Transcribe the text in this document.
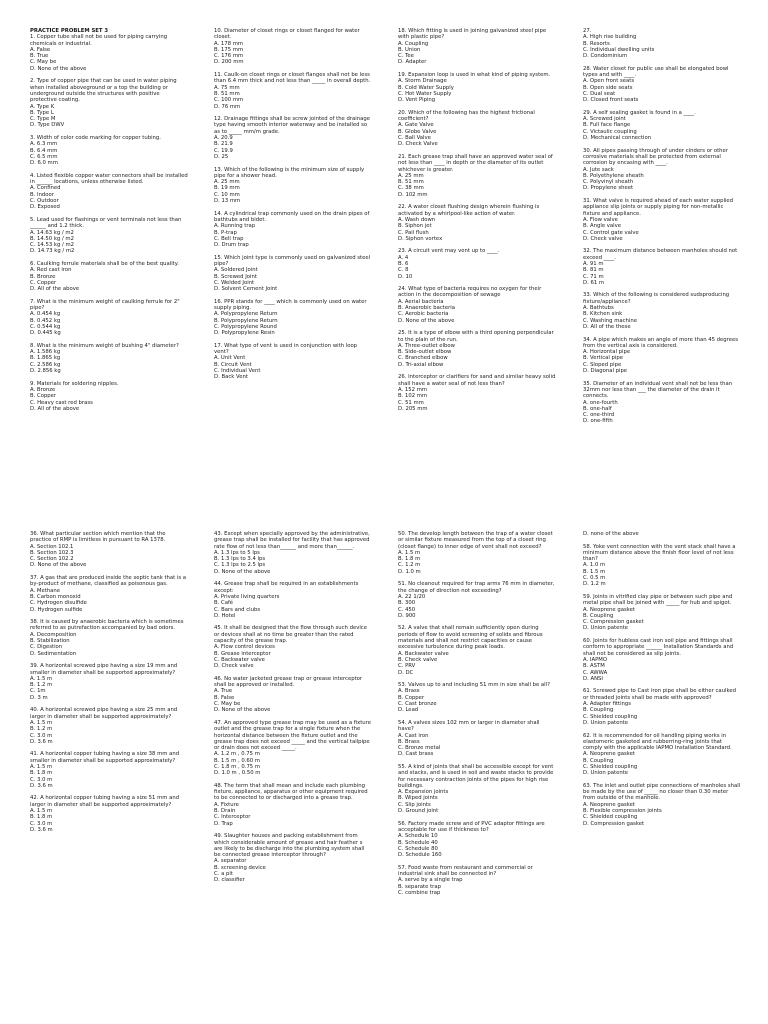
PRACTICE PROBLEM SET 3

1. Copper tube shall not be used for piping carrying chemicals or industrial.

A. False

B. True

C. May be

D. None of the above

2. Type of copper pipe that can be used in water piping when installed aboveground or a top the building or underground outside the structures with positive protective coating.

A. Type K

B. Type L

C. Type M

D. Type DWV

3. Width of color code marking for copper tubing.

A. 6.3 mm

B. 6.4 mm

C. 6.5 mm

D. 6.0 mm

4. Listed flexible copper water connectors shall be installed in ______ locations, unless otherwise listed.

A. Confined

B. Indoor

C. Outdoor

D. Exposed

5. Lead used for flashings or vent terminals not less than ______ and 1.2 thick.

A. 14.63 kg / m2

B. 14.50 kg / m2

C. 14.53 kg / m2

D. 14.73 kg / m2

6. Caulking ferrule materials shall be of the best quality.

A. Red cast iron

B. Bronze

C. Copper

D. All of the above

7. What is the minimum weight of caulking ferrule for 2" pipe?

A. 0.454 kg

B. 0.452 kg

C. 0.544 kg

D. 0.445 kg

8. What is the minimum weight of bushing 4" diameter?

A. 1.586 kg

B. 1.865 kg

C. 2.586 kg

D. 2.856 kg

9. Materials for soldering nipples.

A. Bronze

B. Copper

C. Heavy cast red brass

D. All of the above

10. Diameter of closet rings or closet flanged for water closet.

A. 178 mm

B. 175 mm

C. 176 mm

D. 200 mm

11. Caulk-on closet rings or closet flanges shall not be less than 6.4 mm thick and not less than _____ in overall depth.

A. 75 mm

B. 51 mm

C. 100 mm

D. 76 mm

12. Drainage fittings shall be screw jointed of the drainage type having smooth interior waterway and be installed so as to _____ mm/m grade.

A. 20.9

B. 21.9

C. 19.9

D. 25

13. Which of the following is the minimum size of supply pipe for a shower head.

A. 25 mm

B. 19 mm

C. 10 mm

D. 13 mm

14. A cylindrical trap commonly used on the drain pipes of bathtubs and bidet.

A. Running trap

B. P-trap

C. Bell trap

D. Drum trap

15. Which joint type is commonly used on galvanized steel pipe?

A. Soldered Joint

B. Screwed Joint

C. Welded Joint

D. Solvent Cement Joint

16. PPR stands for ____ which is commonly used on water supply piping.

A. Polypropylene Return

B. Polypropylene Return

C. Polypropylene Round

D. Polypropylene Resin

17. What type of vent is used in conjunction with loop vent?

A. Unit Vent

B. Circuit Vent

C. Individual Vent

D. Back Vent

18. Which fitting is used in joining galvanized steel pipe with plastic pipe?

A. Coupling

B. Union

C. Tee

D. Adapter

19. Expansion loop is used in what kind of piping system.

A. Storm Drainage

B. Cold Water Supply

C. Hot Water Supply

D. Vent Piping

20. Which of the following has the highest frictional coefficient?

A. Gate Valve

B. Globe Valve

C. Ball Valve

D. Check Valve

21. Each grease trap shall have an approved water seal of not less than ____ in depth or the diameter of its outlet whichever is greater.

A. 25 mm

B. 51 mm

C. 38 mm

D. 102 mm

22. A water closet flushing design wherein flushing is activated by a whirlpool-like action of water.

A. Wash down

B. Siphon jet

C. Pail flush

D. Siphon vortex

23. A circuit vent may vent up to ____.

A. 4

B. 6

C. 8

D. 10

24. What type of bacteria requires no oxygen for their action in the decomposition of sewage

A. Aerial bacteria

B. Anaerobic bacteria

C. Aerobic bacteria

D. None of the above

25. It is a type of elbow with a third opening perpendicular to the plain of the run.

A. Three-outlet elbow

B. Side-outlet elbow

C. Branched elbow

D. Tri-axial elbow

26. Interceptor or clarifiers for sand and similar heavy solid shall have a water seal of not less than?

A. 152 mm

B. 102 mm

C. 51 mm

D. 205 mm

27.

A. High rise building

B. Resorts

C. Individual dwelling units

D. Condominium

28. Water closet for public use shall be elongated bowl types and with ____.

A. Open front seats

B. Open side seats

C. Dual seat

D. Closed front seats

29. A self sealing gasket is found in a ____.

A. Screwed joint

B. Full face flange

C. Victaulic coupling

D. Mechanical connection

30. All pipes passing through of under cinders or other corrosive materials shall be protected from external corrosion by encasing with ____.

A. Jute sack

B. Polyethylene sheath

C. Polyvinyl sheath

D. Propylene sheet

31. What valve is required ahead of each water supplied appliance slip joints or supply piping for non-metallic fixture and appliance.

A. Flow valve

B. Angle valve

C. Control gate valve

D. Check valve

32. The maximum distance between manholes should not exceed ____.

A. 91 m

B. 81 m

C. 71 m

D. 61 m

33. Which of the following is considered sudsproducing fixture/appliance?

A. Bathtubs

B. Kitchen sink

C. Washing machine

D. All of the these

34. A pipe which makes an angle of more than 45 degrees from the vertical axis is considered.

A. Horizontal pipe

B. Vertical pipe

C. Sloped pipe

D. Diagonal pipe

35. Diameter of an individual vent shall not be less than 32mm nor less than ___ the diameter of the drain it connects.

A. one-fourth

B. one-half

C. one-third

D. one-fifth

36. What particular section which mention that the practice of RMP is limitless in pursuant to RA 1378.

A. Section 102.1

B. Section 102.3

C. Section 102.2

D. None of the above

37. A gas that are produced inside the septic tank that is a by-product of methane, classified as poisonous gas.

A. Methane

B. Carbon monoxid

C. Hydrogen disulfide

D. Hydrogen sulfide

38. It is caused by anaerobic bacteria which is sometimes referred to as putrefaction accompanied by bad odors.

A. Decomposition

B. Stabilization

C. Digestion

D. Sedimentation

39. A horizontal screwed pipe having a size 19 mm and smaller in diameter shall be supported approximately?

A. 1.5 m

B. 1.2 m

C. 1m

D. 3 m

40. A horizontal screwed pipe having a size 25 mm and larger in diameter shall be supported approximately?

A. 1.5 m

B. 1.2 m

C. 3.0 m

D. 3.6 m

41. A horizontal copper tubing having a size 38 mm and smaller in diameter shall be supported approximately?

A. 1.5 m

B. 1.8 m

C. 3.0 m

D. 3.6 m

42. A horizontal copper tubing having a size 51 mm and larger in diameter shall be supported approximately?

A. 1.5 m

B. 1.8 m

C. 3.0 m

D. 3.6 m

43. Except when specially approved by the administrative, grease trap shall be installed for facility that has approved rate flow of not less than______ and more than______.

A. 1.3 lps to 5 lps

B. 1.3 lps to 3.4 lps

C. 1.3 lps to 2.5 lps

D. None of the above

44. Grease trap shall be required in an establishments except:

A. Private living quarters

B. Café

C. Bars and clubs

D. Hotel

45. It shall be designed that the flow through such device or devices shall at no time be greater than the rated capacity of the grease trap.

A. Flow control devices

B. Grease interceptor

C. Backwater valve

D. Check valve

46. No water jacketed grease trap or grease interceptor shall be approved or installed.

A. True

B. False

C. May be

D. None of the above

47. An approved type grease trap may be used as a fixture outlet and the grease trap for a single fixture when the horizontal distance between the fixture outlet and the grease trap does not exceed _____ and the vertical tailpipe or drain does not exceed _____.

A. 1.2 m , 0.75 m

B. 1.5 m , 0.60 m

C. 1.8 m , 0.75 m

D. 1.0 m , 0.50 m

48. The term that shall mean and include each plumbing fixture, appliance, apparatus or other equipment required to be connected to or discharged into a grease trap.

A. Fixture

B. Drain

C. Interceptor

D. Trap

49. Slaughter houses and packing establishment from which considerable amount of grease and hair feather s are likely to be discharge into the plumbing system shall be connected grease interceptor through?

A. separator

B. screening device

C. a pit

D. classifier

50. The develop length between the trap of a water closet or similar fixture measured from the top of a closet ring (closet flange) to inner edge of vent shall not exceed?

A. 1.5 m

B. 1.8 m

C. 1.2 m

D. 1.0 m

51. No cleanout required for trap arms 76 mm in diameter, the change of direction not exceeding?

A. 22 1/20

B. 300

C. 450

D. 900

52. A valve that shall remain sufficiently open during periods of flow to avoid screening of solids and fibrous materials and shall not restrict capacities or cause excessive turbulence during peak loads.

A. Backwater valve

B. Check valve

C. PRV

D. DC

53. Valves up to and including 51 mm in size shall be all?

A. Brass

B. Copper

C. Cast bronze

D. Lead

54. A valves sizes 102 mm or larger in diameter shall have?

A. Cast iron

B. Brass

C. Bronze metal

D. Cast brass

55. A kind of joints that shall be accessible except for vent and stacks, and is used in soil and waste stacks to provide for necessary contraction joints of the pipes for high rise buildings.

A. Expansion joints

B. Wiped joints

C. Slip joints

D. Ground joint

56. Factory made screw and of PVC adaptor fittings are acceptable for use if thickness to?

A. Schedule 10

B. Schedule 40

C. Schedule 80

D. Schedule 160

57. Food waste from restaurant and commercial or industrial sink shall be connected in?

A. serve by a single trap

B. separate trap

C. combine trap

D. none of the above

58. Yoke vent connection with the vent stack shall have a minimum distance above the finish floor level of not less than?

A. 1.0 m

B. 1.5 m

C. 0.5 m

D. 1.2 m

59. Joints in vitrified clay pipe or between such pipe and metal pipe shall be joined with _____ for hub and spigot.

A. Neoprene gasket

B. Coupling

C. Compression gasket

D. Union patente

60. Joints for hubless cast iron soil pipe and fittings shall conform to appropriate ______ Installation Standards and shall not be considered as slip joints.

A. IAPMO

B. ASTM

C. AWWA

D. ANSI

61. Screwed pipe to Cast iron pipe shall be either caulked or threaded joints shall be made with approved?

A. Adapter fittings

B. Coupling

C. Shielded coupling

D. Union patente

62. It is recommended for oil handling piping works in elastomeric gasketed and rubberring-ring joints that comply with the applicable IAPMO Installation Standard.

A. Neoprene gasket

B. Coupling

C. Shielded coupling

D. Union patente

63. The inlet and outlet pipe connections of manholes shall be made by the use of _____ no closer than 0.30 meter from outside of the manhole.

A. Neoprene gasket

B. Flexible compression joints

C. Shielded coupling

D. Compression gasket
